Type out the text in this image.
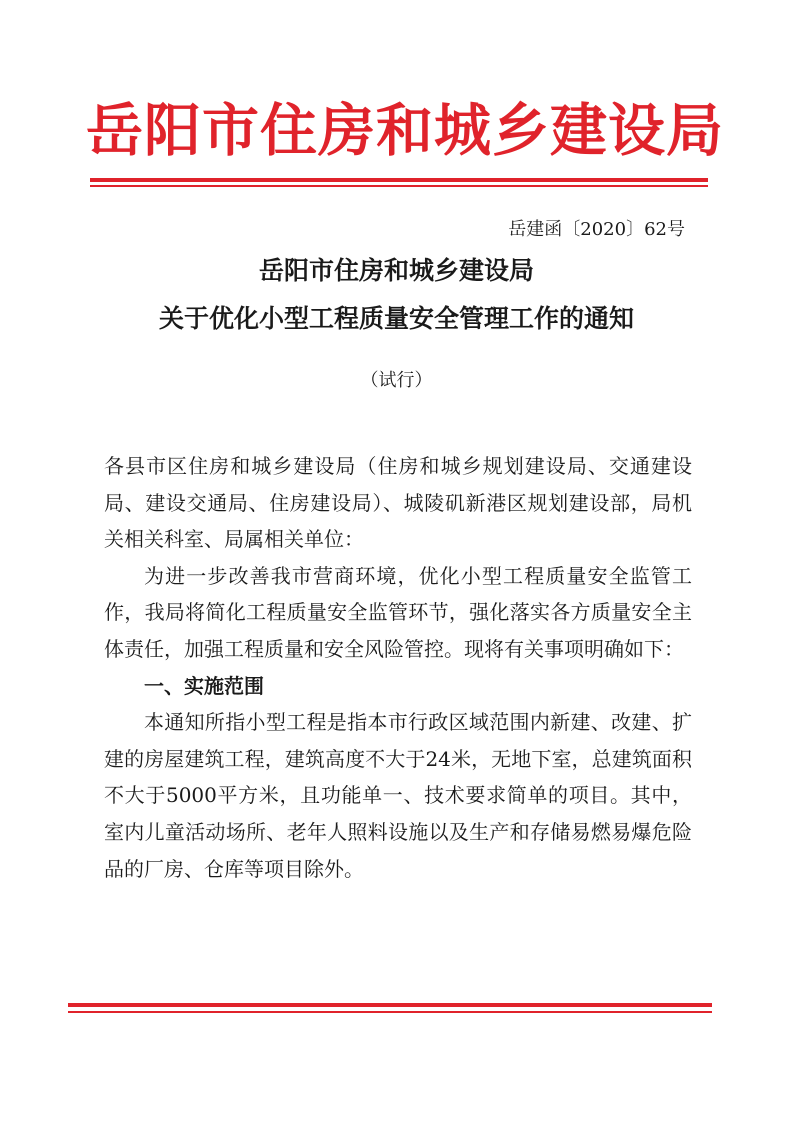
岳阳市住房和城乡建设局
岳建函〔2020〕62号
岳阳市住房和城乡建设局
关于优化小型工程质量安全管理工作的通知
（试行）

各县市区住房和城乡建设局（住房和城乡规划建设局、交通建设局、建设交通局、住房建设局）、城陵矶新港区规划建设部，局机关相关科室、局属相关单位：

为进一步改善我市营商环境，优化小型工程质量安全监管工作，我局将简化工程质量安全监管环节，强化落实各方质量安全主体责任，加强工程质量和安全风险管控。现将有关事项明确如下：

一、实施范围

本通知所指小型工程是指本市行政区域范围内新建、改建、扩建的房屋建筑工程，建筑高度不大于24米，无地下室，总建筑面积不大于5000平方米，且功能单一、技术要求简单的项目。其中，室内儿童活动场所、老年人照料设施以及生产和存储易燃易爆危险品的厂房、仓库等项目除外。
